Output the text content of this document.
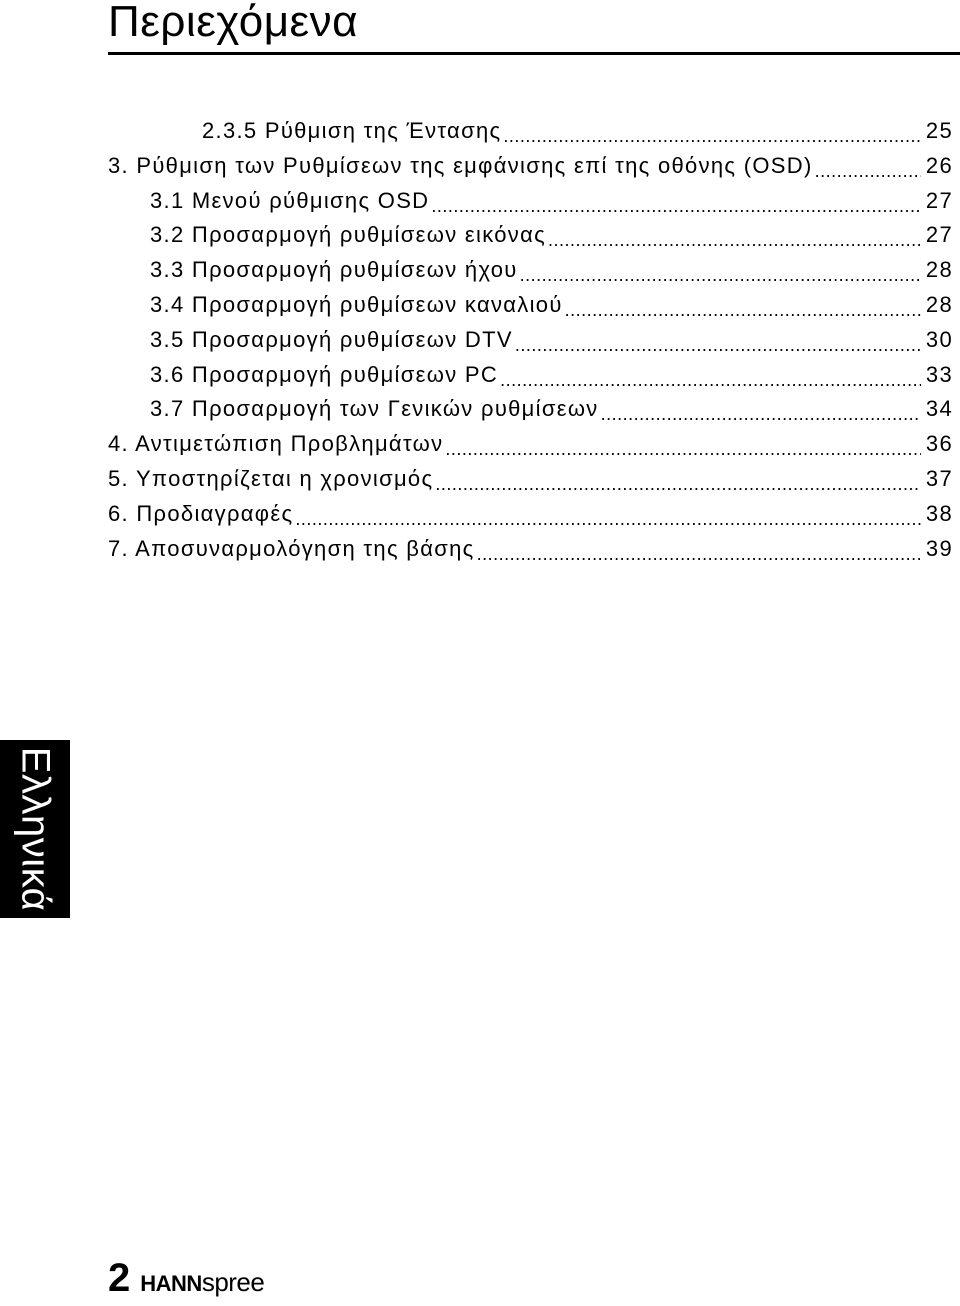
Περιεχόμενα
2.3.5 Ρύθμιση της Έντασης .....	25
3. Ρύθμιση των Ρυθμίσεων της εμφάνισης επί της οθόνης (OSD) .....	26
3.1 Μενού ρύθμισης OSD .....	27
3.2 Προσαρμογή ρυθμίσεων εικόνας .....	27
3.3 Προσαρμογή ρυθμίσεων ήχου .....	28
3.4 Προσαρμογή ρυθμίσεων καναλιού .....	28
3.5 Προσαρμογή ρυθμίσεων DTV .....	30
3.6 Προσαρμογή ρυθμίσεων PC .....	33
3.7 Προσαρμογή των Γενικών ρυθμίσεων .....	34
4. Αντιμετώπιση Προβλημάτων .....	36
5. Υποστηρίζεται η χρονισμός .....	37
6. Προδιαγραφές .....	38
7. Αποσυναρμολόγηση της βάσης .....	39
Ελληνικά
2 HANNspree
